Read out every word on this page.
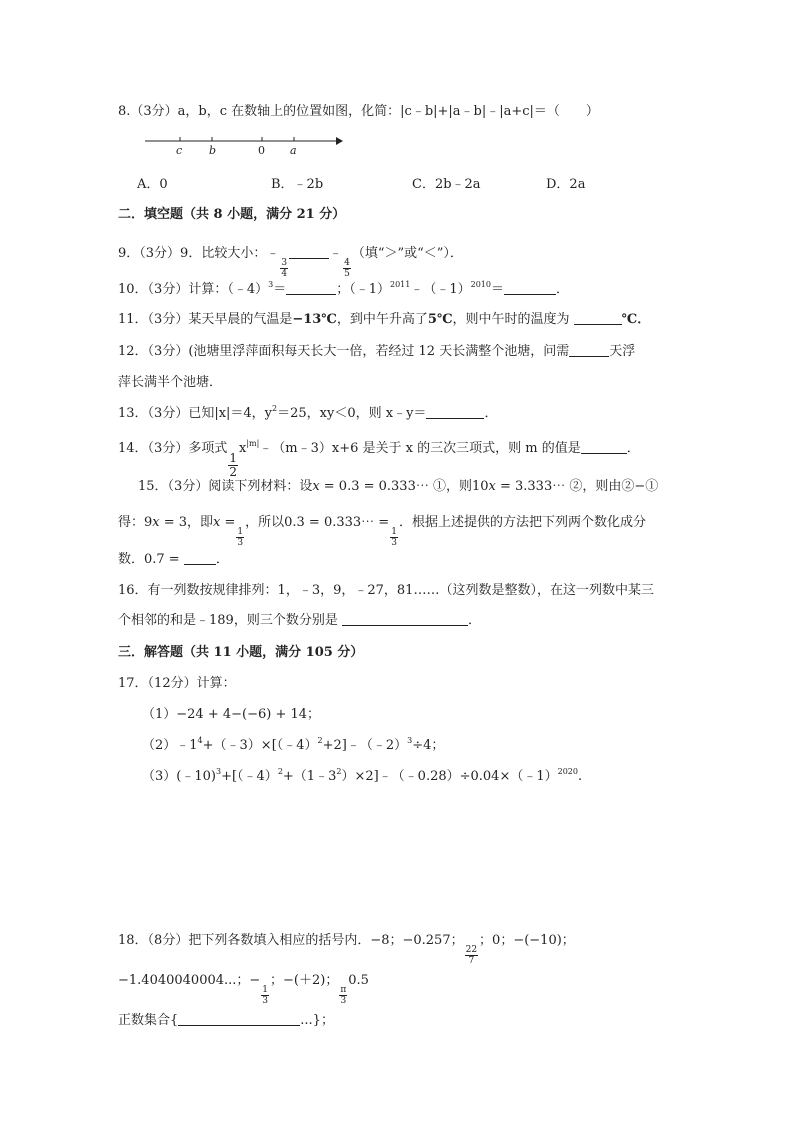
8.（3分）a，b，c 在数轴上的位置如图，化简：|c﹣b|+|a﹣b|﹣|a+c|＝（　　）
c b	0 a
A．0	B．﹣2b	C．2b﹣2a	D．2a
二．填空题（共 8 小题，满分 21 分）
9．（3分）9．比较大小：﹣
$\frac{3}{4}$
﹣
$\frac{4}{5}$
（填“＞”或“＜”）．
10．（3分）计算：（﹣4）$^3$＝	；（﹣1）$^{2011}$﹣（﹣1）$^{2010}$＝	．
11．（3分）某天早晨的气温是−13℃，到中午升高了5℃，则中午时的温度为	℃．
12．（3分）(池塘里浮萍面积每天长大一倍，若经过 12 天长满整个池塘，问需	天浮
萍长满半个池塘．
13．（3分）已知|x|＝4，$y^2=25$，xy＜0，则 x﹣y＝	．
14．（3分）多项式
$\frac{1}{2}$
$x^{|m|}﹣(m﹣3)x+6$ 是关于 x 的三次三项式，则 m 的值是	．
15．（3分）阅读下列材料：设𝑥 = 0.3 = 0.333⋯ ①，则10𝑥 = 3.333⋯ ②，则由②−①
得：9𝑥 = 3，即𝑥 =
$\frac{1}{3}$
，所以0.3 = 0.333⋯ =
$\frac{1}{3}$
．根据上述提供的方法把下列两个数化成分
数．0.7 = ．
16．有一列数按规律排列：1，﹣3，9，﹣27，81……（这列数是整数），在这一列数中某三
个相邻的和是﹣189，则三个数分别是	．
三．解答题（共 11 小题，满分 105 分）
17．（12分）计算：
（1）−24 + 4−(−6) + 14；
$(2)﹣1^4+(﹣3)\times[(﹣4)^2+2]﹣(﹣2)^3\div 4$；
$(3)(﹣10)^3+[(﹣4)^2+(1﹣3^2)\times 2]﹣(﹣0.28)\div 0.04\times(﹣1)^{2020}$.
18．（8分）把下列各数填入相应的括号内．−8；−0.257；
$\frac{22}{7}$
；0；−(−10)；
−1.4040040004...；−
$\frac{1}{3}$
；−(＋2)；
$\frac{\pi}{3}$
0.5
正数集合{	...}；
